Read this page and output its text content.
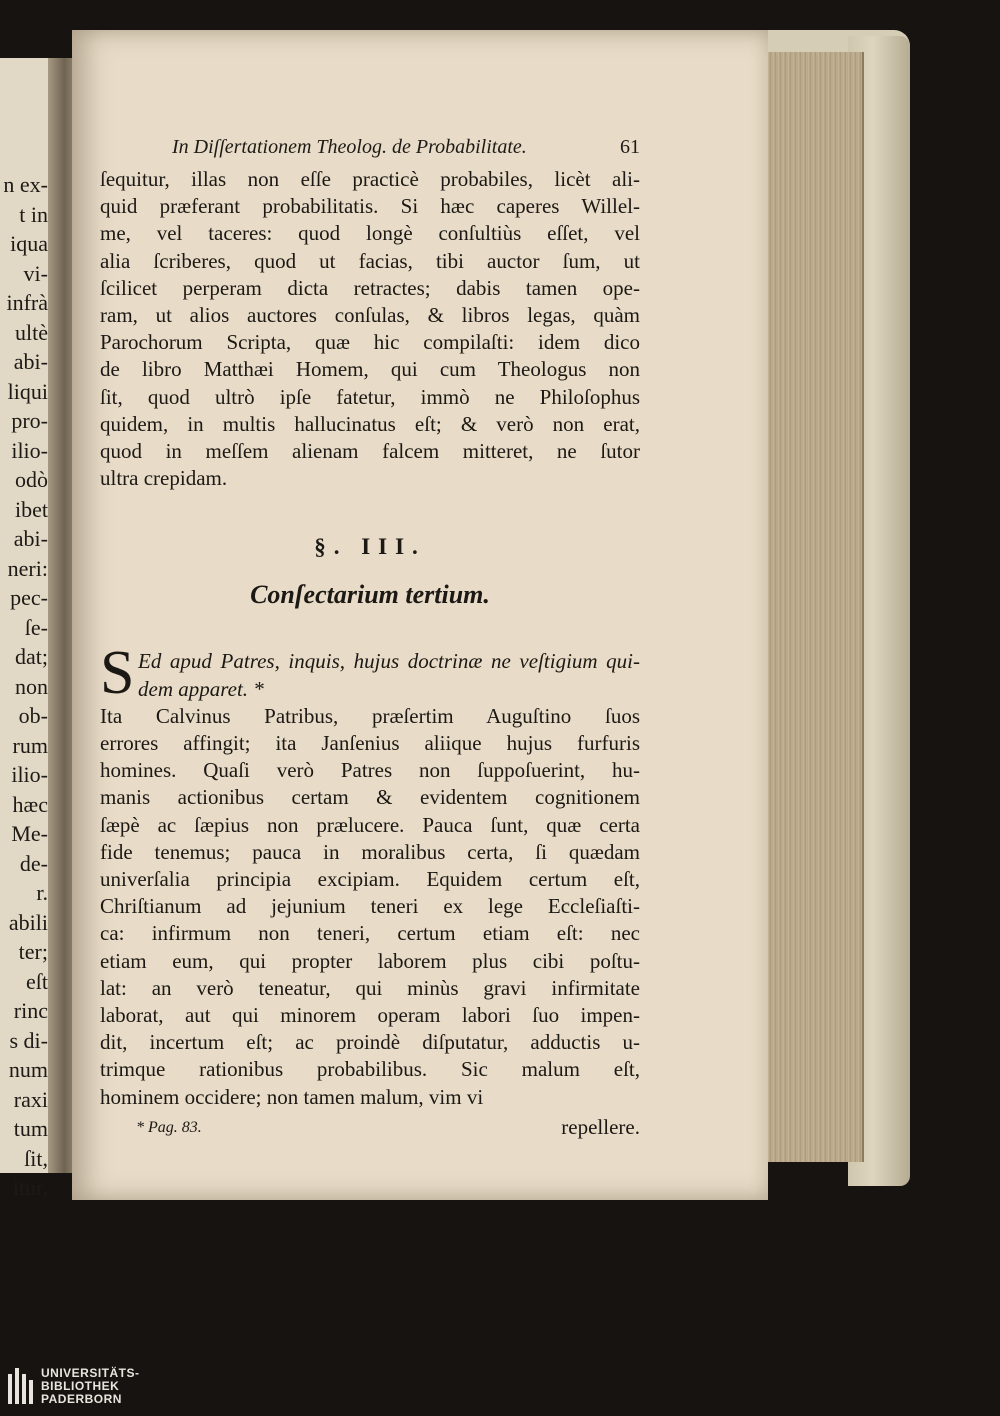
n ex-
t in
iqua
vi-
infrà
ultè
abi-
liqui
pro-
ilio-
odò
ibet
abi-
neri:
pec-
ſe-
dat;
non
ob-
rum
ilio-
hæc
Me-
de-
r.
abili
ter;
eſt
rinc
s di-
num
raxi
tum
ſit,
itur,
In Diſſertationem Theolog. de Probabilitate.	61
ſequitur, illas non eſſe practicè probabiles, licèt ali-
quid præferant probabilitatis. Si hæc caperes Willel-
me, vel taceres: quod longè conſultiùs eſſet, vel
alia ſcriberes, quod ut facias, tibi auctor ſum, ut
ſcilicet perperam dicta retractes; dabis tamen ope-
ram, ut alios auctores conſulas, & libros legas, quàm
Parochorum Scripta, quæ hic compilaſti: idem dico
de libro Matthæi Homem, qui cum Theologus non
ſit, quod ultrò ipſe fatetur, immò ne Philoſophus
quidem, in multis hallucinatus eſt; & verò non erat,
quod in meſſem alienam falcem mitteret, ne ſutor
ultra crepidam.
§. III.
Conſectarium tertium.
S Ed apud Patres, inquis, hujus doctrinæ ne veſtigium qui-
dem apparet. *
Ita Calvinus Patribus, præſertim Auguſtino ſuos
errores affingit; ita Janſenius aliique hujus furfuris
homines. Quaſi verò Patres non ſuppoſuerint, hu-
manis actionibus certam & evidentem cognitionem
ſæpè ac ſæpius non prælucere. Pauca ſunt, quæ certa
fide tenemus; pauca in moralibus certa, ſi quædam
univerſalia principia excipiam. Equidem certum eſt,
Chriſtianum ad jejunium teneri ex lege Eccleſiaſti-
ca: infirmum non teneri, certum etiam eſt: nec
etiam eum, qui propter laborem plus cibi poſtu-
lat: an verò teneatur, qui minùs gravi infirmitate
laborat, aut qui minorem operam labori ſuo impen-
dit, incertum eſt; ac proindè diſputatur, adductis u-
trimque rationibus probabilibus. Sic malum eſt,
hominem occidere; non tamen malum, vim vi
* Pag. 83.	repellere.
UNIVERSITÄTS-
BIBLIOTHEK
PADERBORN
